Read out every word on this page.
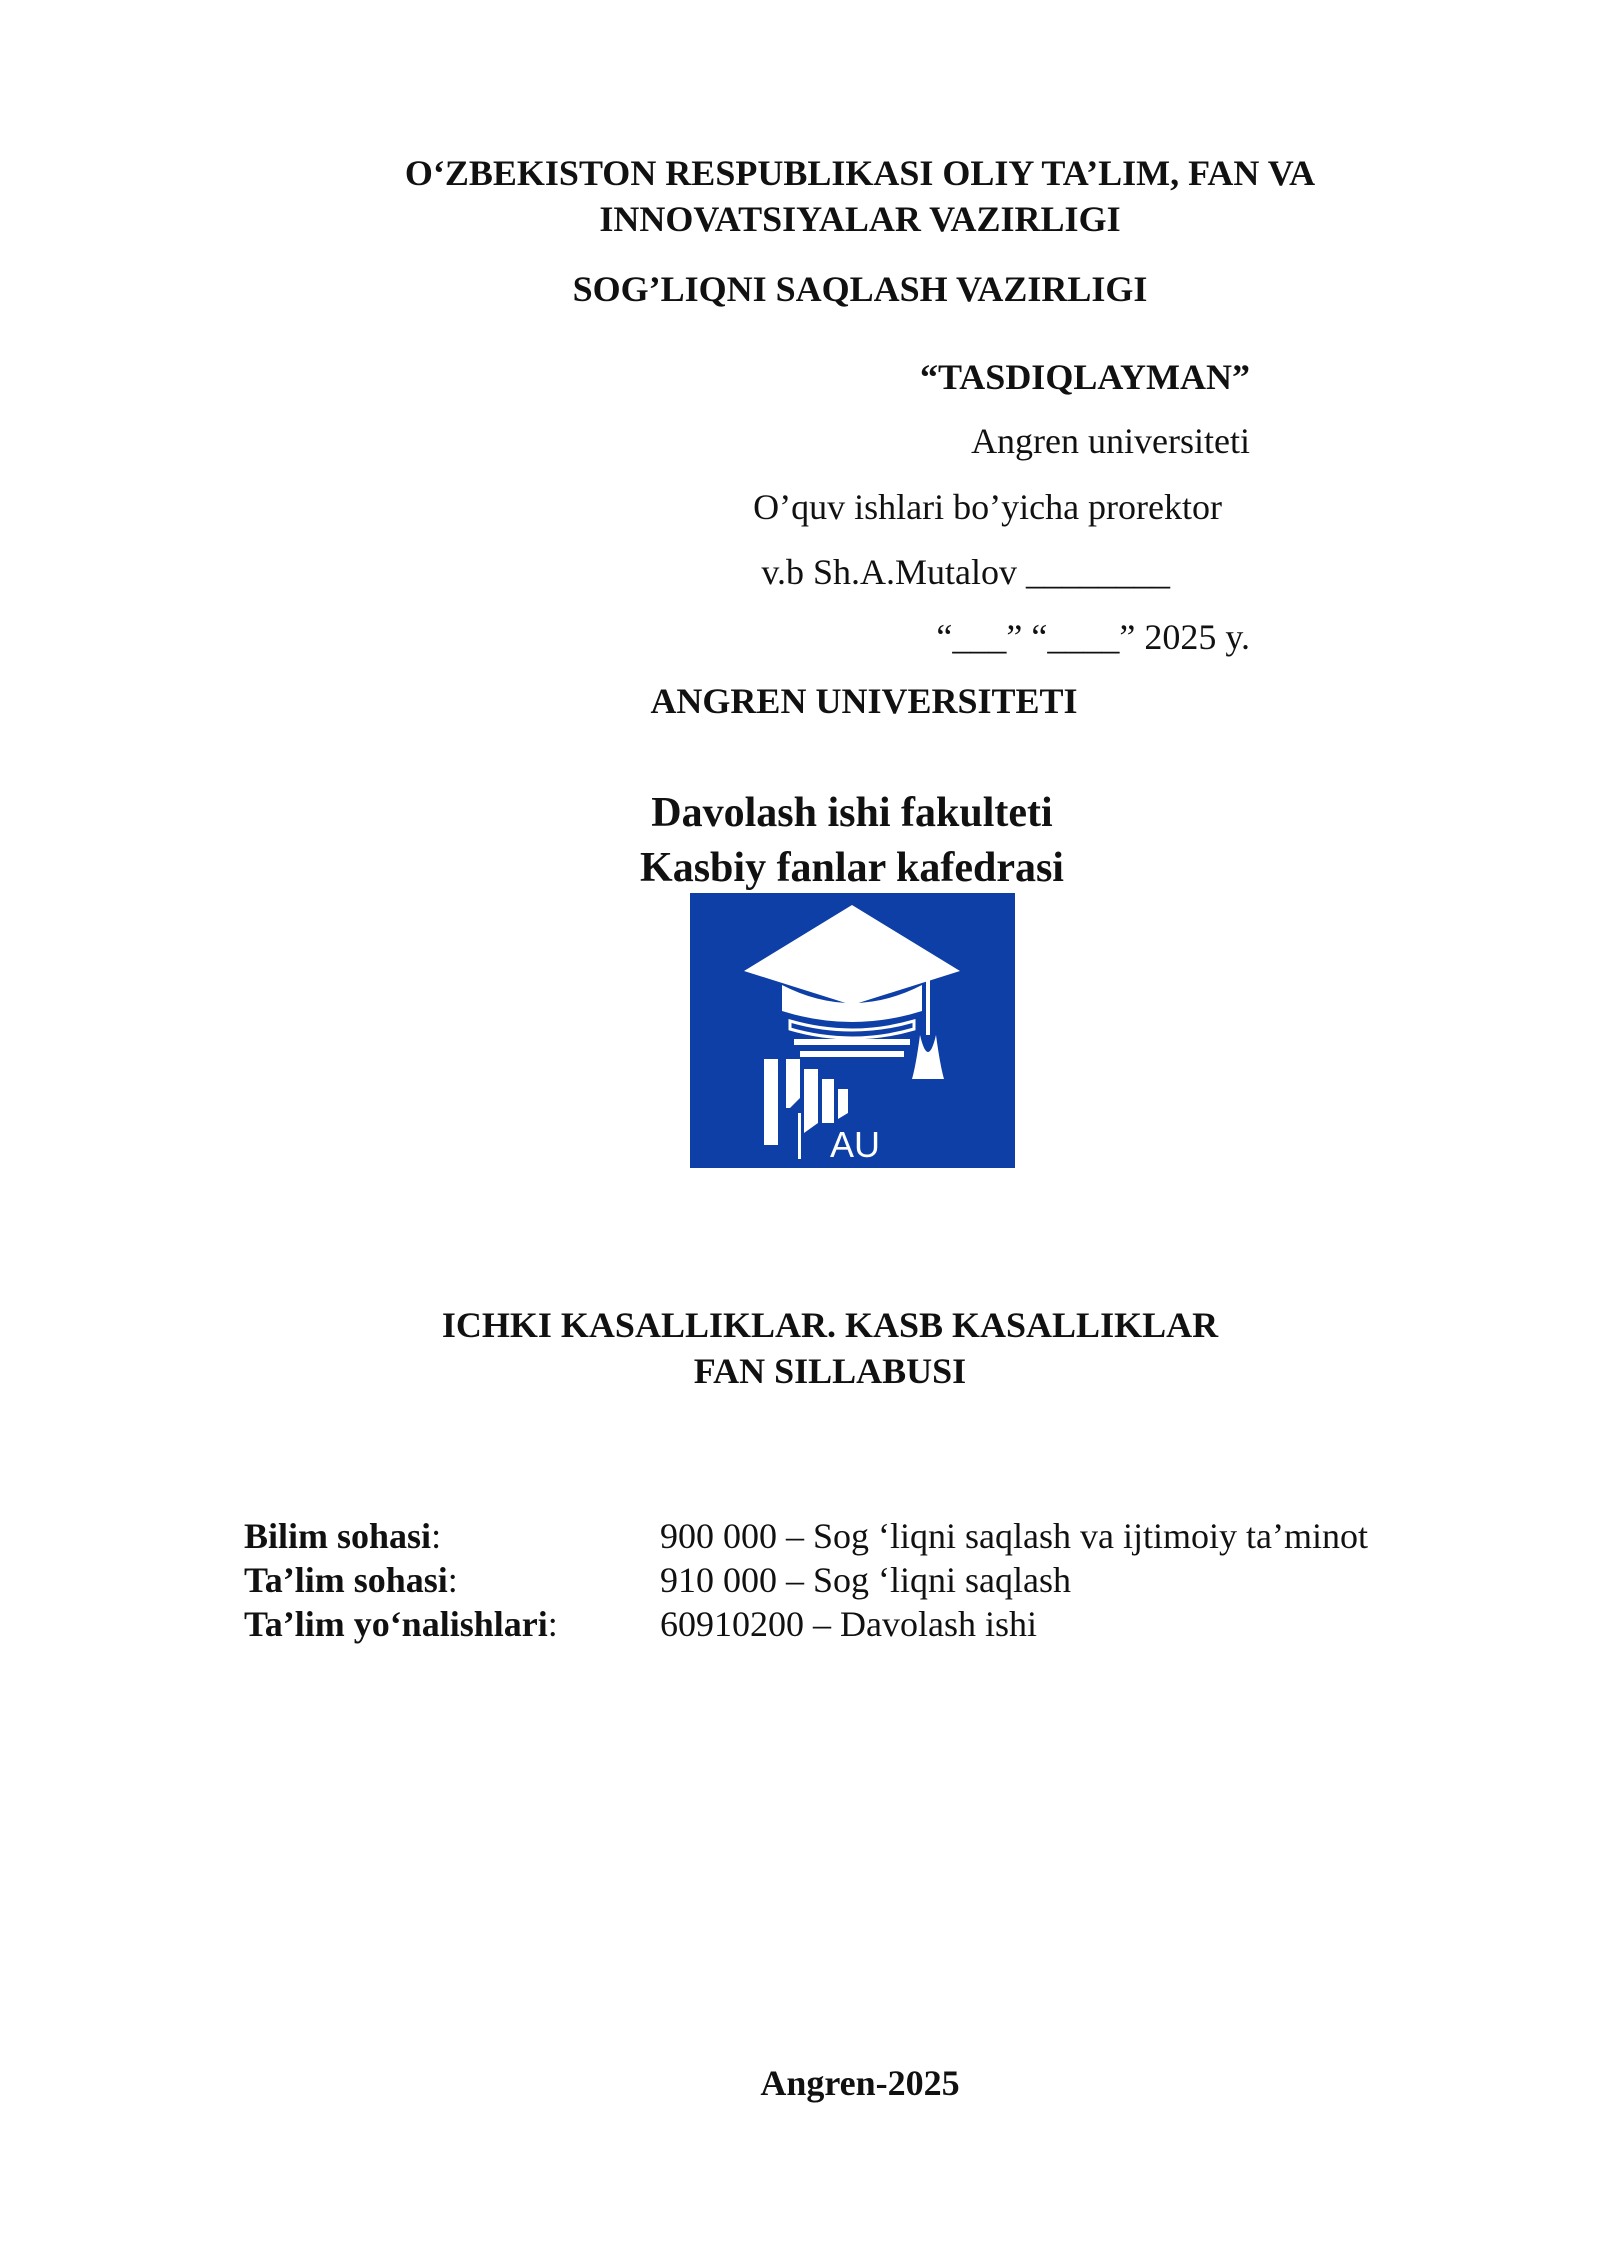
O‘ZBEKISTON RESPUBLIKASI OLIY TA’LIM, FAN VA
INNOVATSIYALAR VAZIRLIGI
SOG’LIQNI SAQLASH VAZIRLIGI
“TASDIQLAYMAN”
Angren universiteti
O’quv ishlari bo’yicha prorektor
v.b Sh.A.Mutalov ________
“___” “____” 2025 y.
ANGREN UNIVERSITETI
Davolash ishi fakulteti
Kasbiy fanlar kafedrasi
AU
ICHKI KASALLIKLAR. KASB KASALLIKLAR
FAN SILLABUSI
Bilim sohasi:	900 000 – Sog ‘liqni saqlash va ijtimoiy ta’minot
Ta’lim sohasi:	910 000 – Sog ‘liqni saqlash
Ta’lim yo‘nalishlari:	60910200 – Davolash ishi
Angren-2025
